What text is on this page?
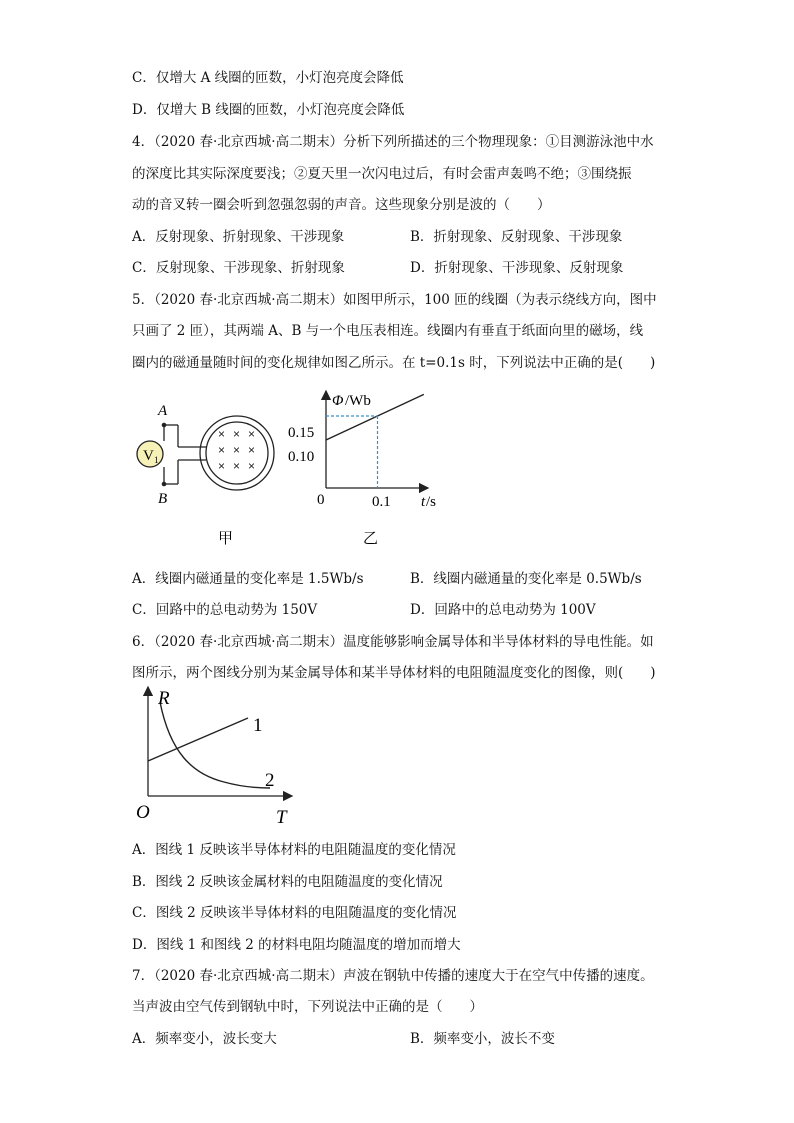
C．仅增大 A 线圈的匝数，小灯泡亮度会降低
D．仅增大 B 线圈的匝数，小灯泡亮度会降低
4．（2020 春·北京西城·高二期末）分析下列所描述的三个物理现象：①目测游泳池中水
的深度比其实际深度要浅；②夏天里一次闪电过后，有时会雷声轰鸣不绝；③围绕振
动的音叉转一圈会听到忽强忽弱的声音。这些现象分别是波的（　　）
A．反射现象、折射现象、干涉现象	B．折射现象、反射现象、干涉现象
C．反射现象、干涉现象、折射现象	D．折射现象、干涉现象、反射现象
5．（2020 春·北京西城·高二期末）如图甲所示，100 匝的线圈（为表示绕线方向，图中
只画了 2 匝），其两端 A、B 与一个电压表相连。线圈内有垂直于纸面向里的磁场，线
圈内的磁通量随时间的变化规律如图乙所示。在 t=0.1s 时，下列说法中正确的是(　　)
V 1
A
B
× × ×
× × ×
× × ×
甲
Φ /Wb
0.15
0.10
0	0.1 t /s
乙
A．线圈内磁通量的变化率是 1.5Wb/s	B．线圈内磁通量的变化率是 0.5Wb/s
C．回路中的总电动势为 150V	D．回路中的总电动势为 100V
6．（2020 春·北京西城·高二期末）温度能够影响金属导体和半导体材料的导电性能。如
图所示，两个图线分别为某金属导体和某半导体材料的电阻随温度变化的图像，则(　　)
R
1
2
O	T
A．图线 1 反映该半导体材料的电阻随温度的变化情况
B．图线 2 反映该金属材料的电阻随温度的变化情况
C．图线 2 反映该半导体材料的电阻随温度的变化情况
D．图线 1 和图线 2 的材料电阻均随温度的增加而增大
7．（2020 春·北京西城·高二期末）声波在钢轨中传播的速度大于在空气中传播的速度。
当声波由空气传到钢轨中时，下列说法中正确的是（　　）
A．频率变小，波长变大	B．频率变小，波长不变
